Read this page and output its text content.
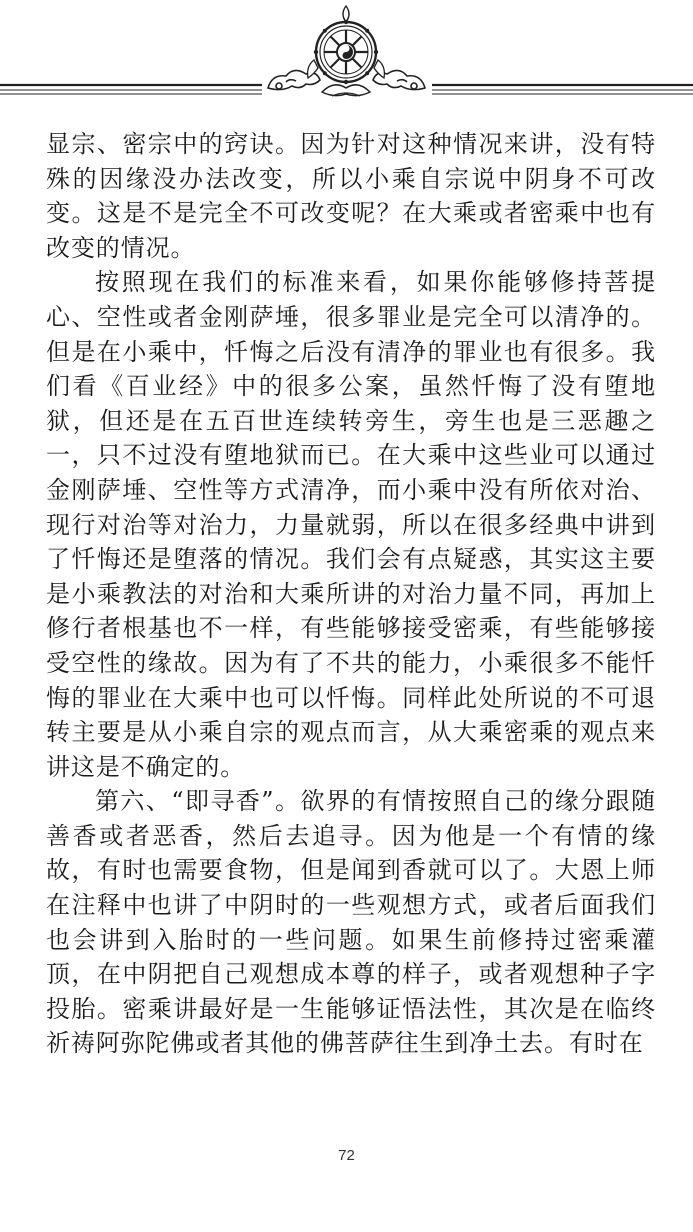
显宗、密宗中的窍诀。因为针对这种情况来讲，没有特殊的因缘没办法改变，所以小乘自宗说中阴身不可改变。这是不是完全不可改变呢？在大乘或者密乘中也有改变的情况。

按照现在我们的标准来看，如果你能够修持菩提心、空性或者金刚萨埵，很多罪业是完全可以清净的。但是在小乘中，忏悔之后没有清净的罪业也有很多。我们看《百业经》中的很多公案，虽然忏悔了没有堕地狱，但还是在五百世连续转旁生，旁生也是三恶趣之一，只不过没有堕地狱而已。在大乘中这些业可以通过金刚萨埵、空性等方式清净，而小乘中没有所依对治、现行对治等对治力，力量就弱，所以在很多经典中讲到了忏悔还是堕落的情况。我们会有点疑惑，其实这主要是小乘教法的对治和大乘所讲的对治力量不同，再加上修行者根基也不一样，有些能够接受密乘，有些能够接受空性的缘故。因为有了不共的能力，小乘很多不能忏悔的罪业在大乘中也可以忏悔。同样此处所说的不可退转主要是从小乘自宗的观点而言，从大乘密乘的观点来讲这是不确定的。

第六、“即寻香”。欲界的有情按照自己的缘分跟随善香或者恶香，然后去追寻。因为他是一个有情的缘故，有时也需要食物，但是闻到香就可以了。大恩上师在注释中也讲了中阴时的一些观想方式，或者后面我们也会讲到入胎时的一些问题。如果生前修持过密乘灌顶，在中阴把自己观想成本尊的样子，或者观想种子字投胎。密乘讲最好是一生能够证悟法性，其次是在临终祈祷阿弥陀佛或者其他的佛菩萨往生到净土去。有时在

72
